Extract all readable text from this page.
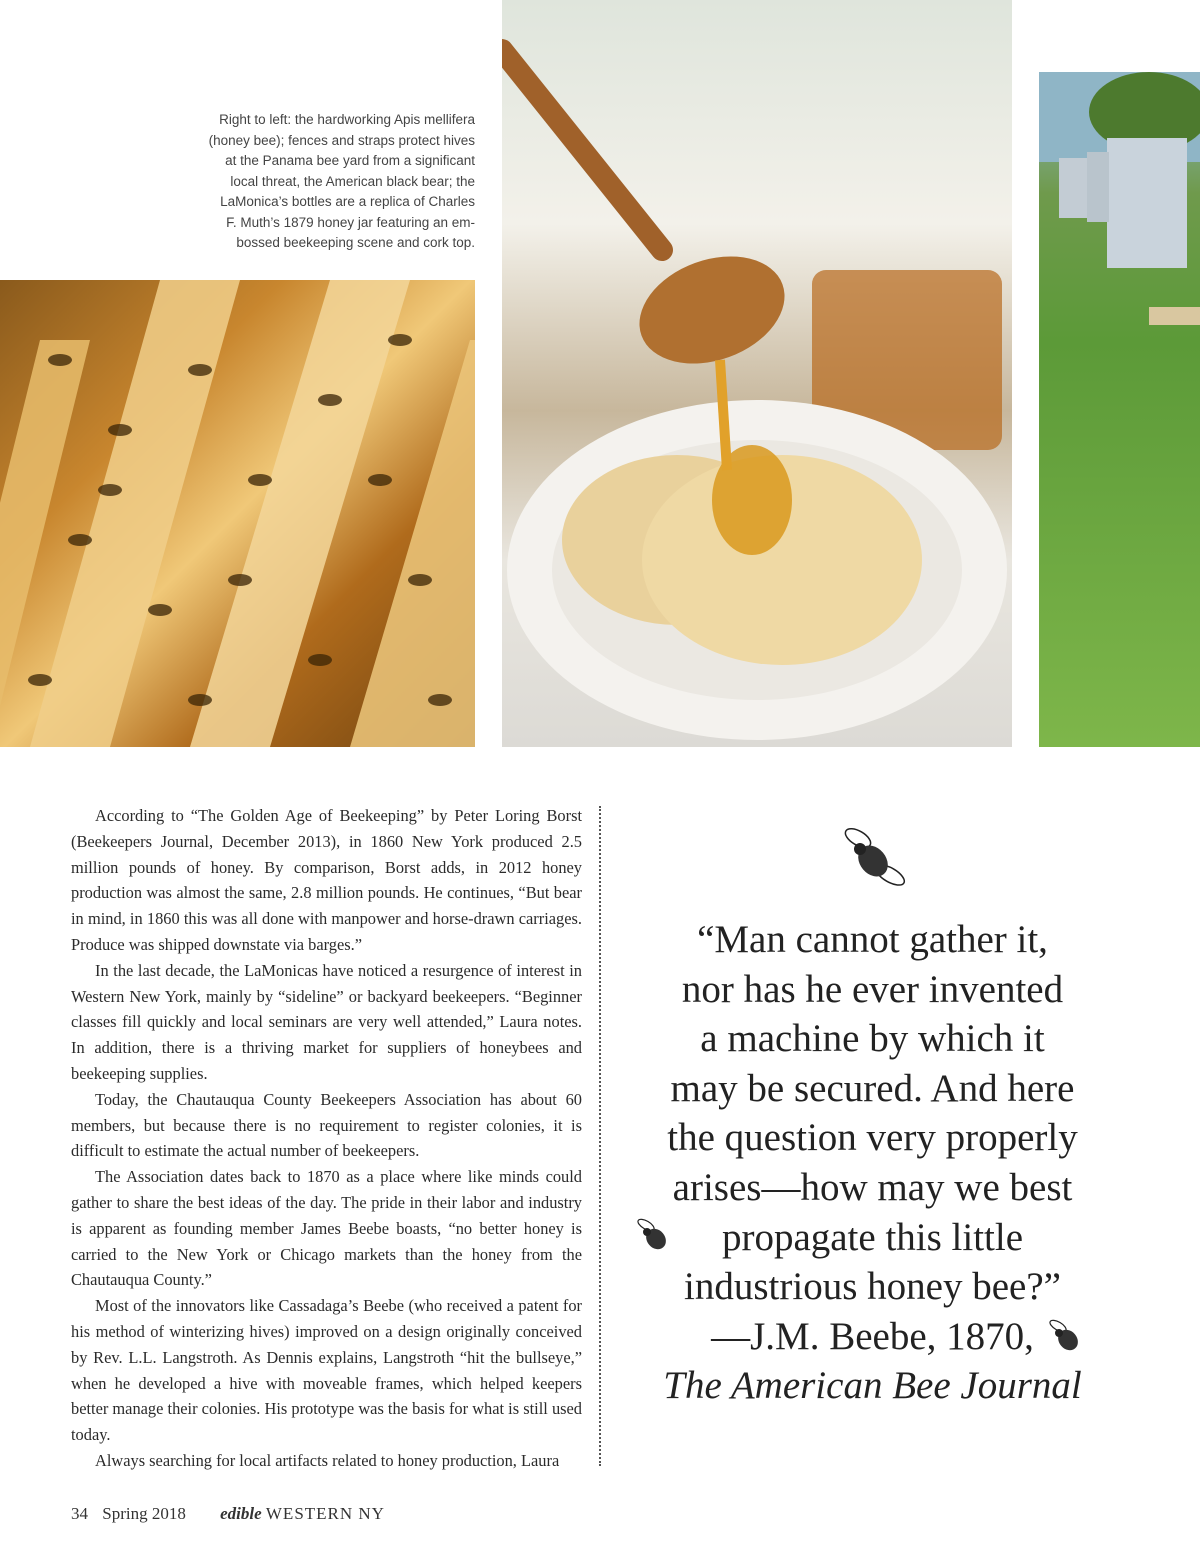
Right to left: the hardworking Apis mellifera
(honey bee); fences and straps protect hives
at the Panama bee yard from a significant
local threat, the American black bear; the
LaMonica’s bottles are a replica of Charles
F. Muth’s 1879 honey jar featuring an em-
bossed beekeeping scene and cork top.

According to “The Golden Age of Beekeeping” by Peter Loring Borst (Beekeepers Journal, December 2013), in 1860 New York produced 2.5 million pounds of honey. By comparison, Borst adds, in 2012 honey production was almost the same, 2.8 million pounds. He continues, “But bear in mind, in 1860 this was all done with manpower and horse-drawn carriages. Produce was shipped downstate via barges.”

In the last decade, the LaMonicas have noticed a resurgence of interest in Western New York, mainly by “sideline” or backyard beekeepers. “Beginner classes fill quickly and local seminars are very well attended,” Laura notes. In addition, there is a thriving market for suppliers of honeybees and beekeeping supplies.

Today, the Chautauqua County Beekeepers Association has about 60 members, but because there is no requirement to register colonies, it is difficult to estimate the actual number of beekeepers.

The Association dates back to 1870 as a place where like minds could gather to share the best ideas of the day. The pride in their labor and industry is apparent as founding member James Beebe boasts, “no better honey is carried to the New York or Chicago markets than the honey from the Chautauqua County.”

Most of the innovators like Cassadaga’s Beebe (who received a patent for his method of winterizing hives) improved on a design originally conceived by Rev. L.L. Langstroth. As Dennis explains, Langstroth “hit the bullseye,” when he developed a hive with moveable frames, which helped keepers better manage their colonies. His prototype was the basis for what is still used today.

Always searching for local artifacts related to honey production, Laura

“Man cannot gather it,
nor has he ever invented
a machine by which it
may be secured. And here
the question very properly
arises—how may we best
propagate this little
industrious honey bee?”
—J.M. Beebe, 1870,
The American Bee Journal
34 Spring 2018 edible WESTERN NY
